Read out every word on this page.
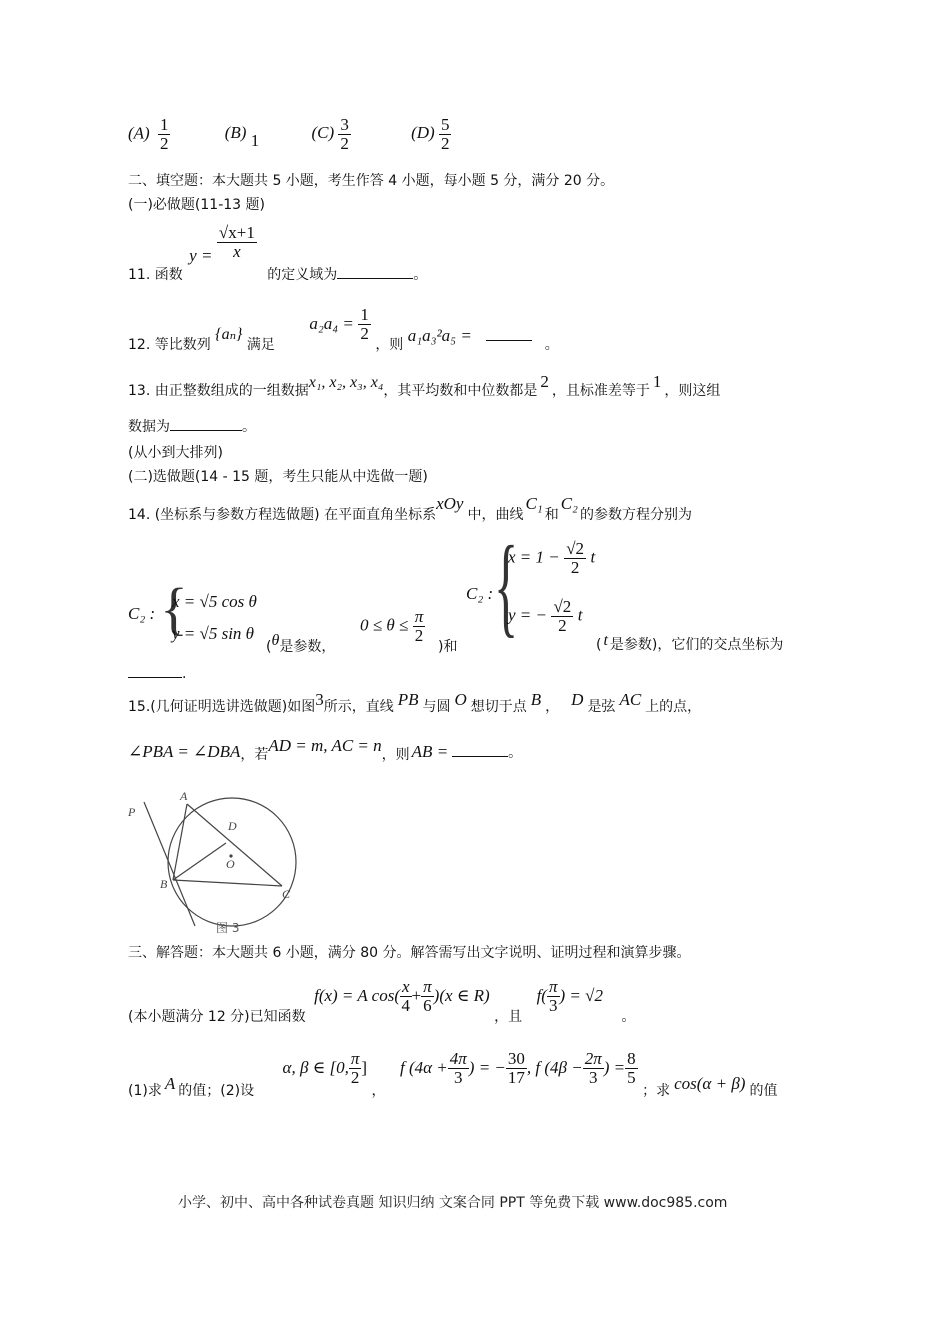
$(A) \frac{1}{2}$	(B) 1	$(C) \frac{3}{2}$	$(D) \frac{5}{2}$
二、填空题：本大题共 5 小题，考生作答 4 小题，每小题 5 分，满分 20 分。
(一)必做题(11-13 题)
11. 函数 $y = \frac{√x+1}{x}$
的定义域为	。
12. 等比数列 {aₙ} 满足 $a_2a_4 = \frac{1}{2}$
，则 a₁a₃²a₅ =	。
13. 由正整数组成的一组数据x₁, x₂, x₃, x₄，其平均数和中位数都是 2 ，且标准差等于 1 ，则这组
数据为	。
(从小到大排列)
(二)选做题(14 - 15 题，考生只能从中选做一题)
14. (坐标系与参数方程选做题) 在平面直角坐标系xOy中，曲线C₁和C₂的参数方程分别为
C₂ : {
x = √5 cos θ
y = √5 sin θ
(θ是参数，
$0 \le \theta \le \frac{\pi}{2}$
)和
C₂ : {
$x = 1 - \frac{√2}{2}$ t
y = − $\frac{√2}{2}$ t
( t 是参数)，它们的交点坐标为
.
15.(几何证明选讲选做题)如图3所示，直线 PB 与圆 O 想切于点 B ， D 是弦 AC 上的点，
∠PBA = ∠DBA，若AD = m, AC = n，则 AB =	。
P
A
D
O
B
C
图 3
三、解答题：本大题共 6 小题，满分 80 分。解答需写出文字说明、证明过程和演算步骤。
(本小题满分 12 分)已知函数 f(x) = A $\cos( \frac{x}{4} + \frac{\pi}{6} )(x$ ∈ R) ，且 $f( \frac{\pi}{3}$ ) = √2 。
(1)求 A 的值；(2)设 α, β ∈ [0, $\frac{\pi}{2}$ ] ， f ($4\alpha + \frac{4\pi}{3}$ ) = − $\frac{30}{17}$ , f ($4\beta - \frac{2\pi}{3}$ ) = $\frac{8}{5}$
；求 cos(α + β) 的值
小学、初中、高中各种试卷真题 知识归纳 文案合同 PPT 等免费下载 www.doc985.com
